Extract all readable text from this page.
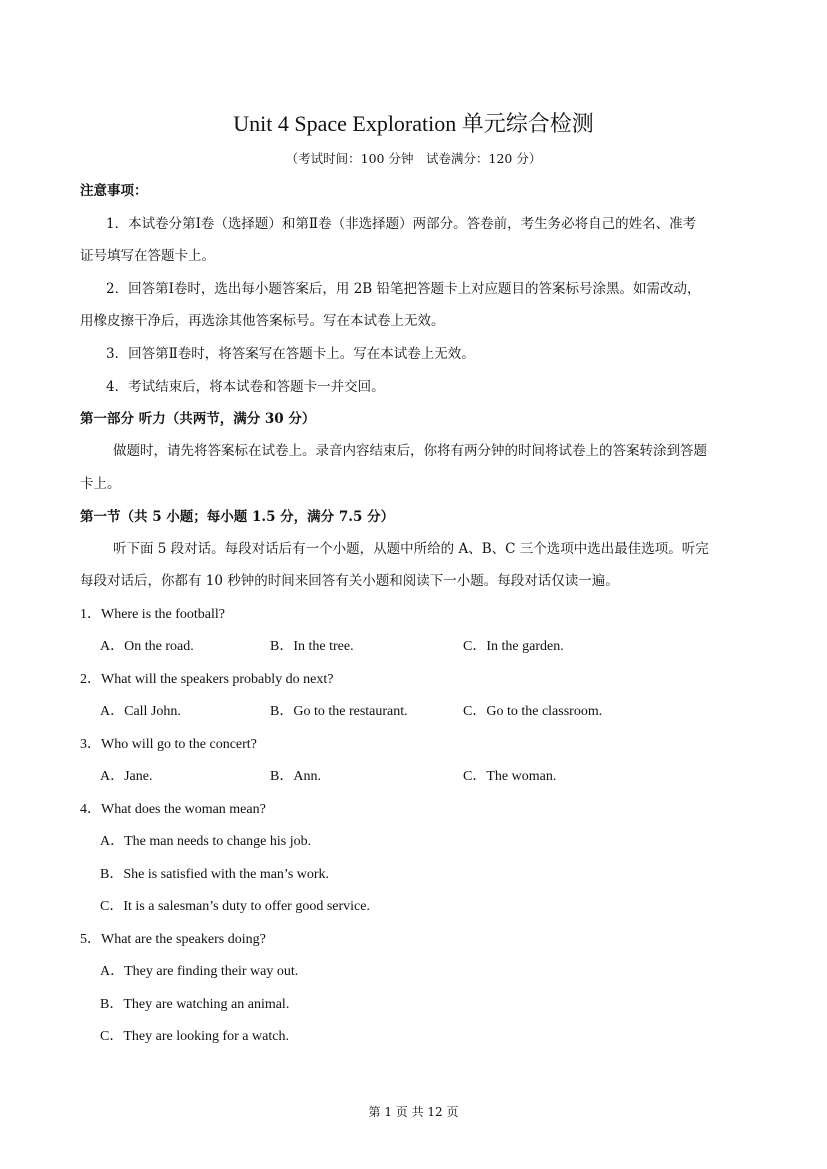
Unit 4 Space Exploration 单元综合检测
（考试时间：100 分钟　试卷满分：120 分）
注意事项：
1．本试卷分第Ⅰ卷（选择题）和第Ⅱ卷（非选择题）两部分。答卷前，考生务必将自己的姓名、准考
证号填写在答题卡上。
2．回答第Ⅰ卷时，选出每小题答案后，用 2B 铅笔把答题卡上对应题目的答案标号涂黑。如需改动，
用橡皮擦干净后，再选涂其他答案标号。写在本试卷上无效。
3．回答第Ⅱ卷时，将答案写在答题卡上。写在本试卷上无效。
4．考试结束后，将本试卷和答题卡一并交回。
第一部分 听力（共两节，满分 30 分）
做题时，请先将答案标在试卷上。录音内容结束后，你将有两分钟的时间将试卷上的答案转涂到答题
卡上。
第一节（共 5 小题；每小题 1.5 分，满分 7.5 分）
听下面 5 段对话。每段对话后有一个小题，从题中所给的 A、B、C 三个选项中选出最佳选项。听完
每段对话后，你都有 10 秒钟的时间来回答有关小题和阅读下一小题。每段对话仅读一遍。
1．Where is the football?
A．On the road.	B．In the tree.	C．In the garden.
2．What will the speakers probably do next?
A．Call John.	B．Go to the restaurant.	C．Go to the classroom.
3．Who will go to the concert?
A．Jane.	B．Ann.	C．The woman.
4．What does the woman mean?
A．The man needs to change his job.
B．She is satisfied with the man’s work.
C．It is a salesman’s duty to offer good service.
5．What are the speakers doing?
A．They are finding their way out.
B．They are watching an animal.
C．They are looking for a watch.
第 1 页 共 12 页
